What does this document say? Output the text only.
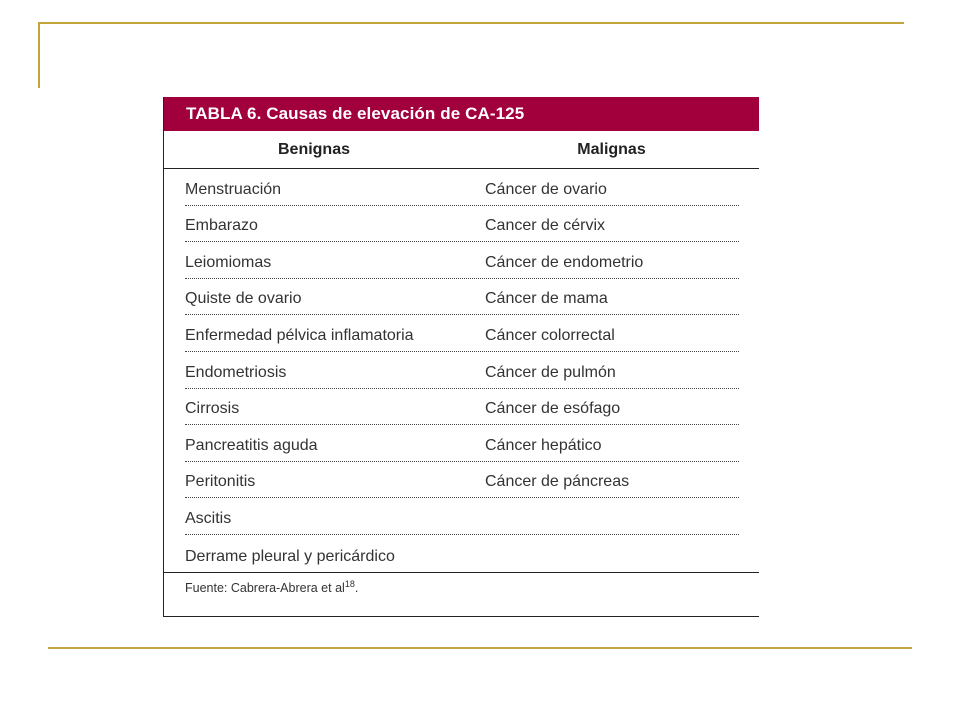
TABLA 6. Causas de elevación de CA-125
Benignas	Malignas
Menstruación	Cáncer de ovario
Embarazo	Cancer de cérvix
Leiomiomas	Cáncer de endometrio
Quiste de ovario	Cáncer de mama
Enfermedad pélvica inflamatoria	Cáncer colorrectal
Endometriosis	Cáncer de pulmón
Cirrosis	Cáncer de esófago
Pancreatitis aguda	Cáncer hepático
Peritonitis	Cáncer de páncreas
Ascitis
Derrame pleural y pericárdico
Fuente: Cabrera-Abrera et $al^{18}$.
